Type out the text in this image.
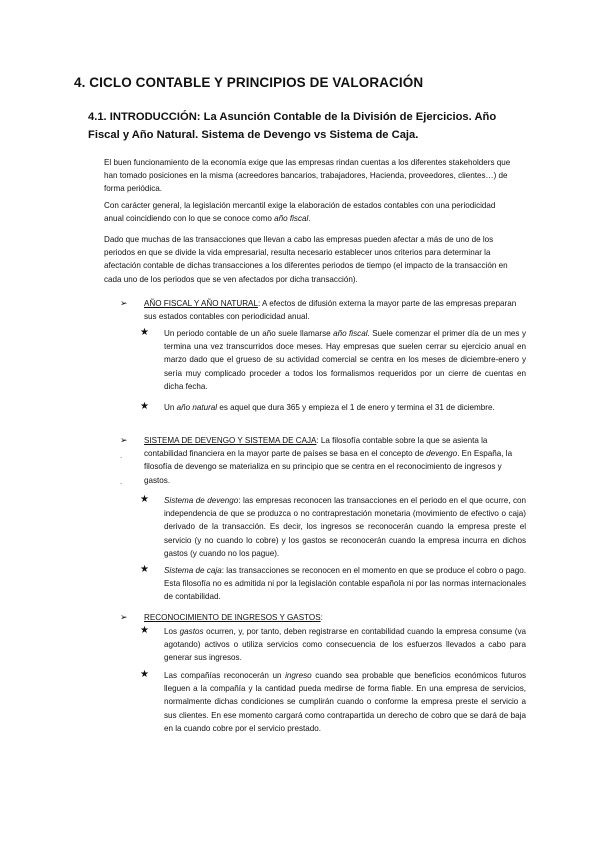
4. CICLO CONTABLE Y PRINCIPIOS DE VALORACIÓN
4.1. INTRODUCCIÓN: La Asunción Contable de la División de Ejercicios. Año Fiscal y Año Natural. Sistema de Devengo vs Sistema de Caja.

El buen funcionamiento de la economía exige que las empresas rindan cuentas a los diferentes stakeholders que han tomado posiciones en la misma (acreedores bancarios, trabajadores, Hacienda, proveedores, clientes…) de forma periódica.

Con carácter general, la legislación mercantil exige la elaboración de estados contables con una periodicidad anual coincidiendo con lo que se conoce como año fiscal.

Dado que muchas de las transacciones que llevan a cabo las empresas pueden afectar a más de uno de los periodos en que se divide la vida empresarial, resulta necesario establecer unos criterios para determinar la afectación contable de dichas transacciones a los diferentes periodos de tiempo (el impacto de la transacción en cada uno de los periodos que se ven afectados por dicha transacción).

➢ AÑO FISCAL Y AÑO NATURAL: A efectos de difusión externa la mayor parte de las empresas preparan sus estados contables con periodicidad anual.
★ Un periodo contable de un año suele llamarse año fiscal. Suele comenzar el primer día de un mes y termina una vez transcurridos doce meses. Hay empresas que suelen cerrar su ejercicio anual en marzo dado que el grueso de su actividad comercial se centra en los meses de diciembre-enero y sería muy complicado proceder a todos los formalismos requeridos por un cierre de cuentas en dicha fecha.
★ Un año natural es aquel que dura 365 y empieza el 1 de enero y termina el 31 de diciembre.
➢ SISTEMA DE DEVENGO Y SISTEMA DE CAJA: La filosofía contable sobre la que se asienta la contabilidad financiera en la mayor parte de países se basa en el concepto de devengo. En España, la filosofía de devengo se materializa en su principio que se centra en el reconocimiento de ingresos y gastos.
.
.
★ Sistema de devengo: las empresas reconocen las transacciones en el periodo en el que ocurre, con independencia de que se produzca o no contraprestación monetaria (movimiento de efectivo o caja) derivado de la transacción. Es decir, los ingresos se reconocerán cuando la empresa preste el servicio (y no cuando lo cobre) y los gastos se reconocerán cuando la empresa incurra en dichos gastos (y cuando no los pague).
★ Sistema de caja: las transacciones se reconocen en el momento en que se produce el cobro o pago. Esta filosofía no es admitida ni por la legislación contable española ni por las normas internacionales de contabilidad.
➢ RECONOCIMIENTO DE INGRESOS Y GASTOS:
★ Los gastos ocurren, y, por tanto, deben registrarse en contabilidad cuando la empresa consume (va agotando) activos o utiliza servicios como consecuencia de los esfuerzos llevados a cabo para generar sus ingresos.
★ Las compañías reconocerán un ingreso cuando sea probable que beneficios económicos futuros lleguen a la compañía y la cantidad pueda medirse de forma fiable. En una empresa de servicios, normalmente dichas condiciones se cumplirán cuando o conforme la empresa preste el servicio a sus clientes. En ese momento cargará como contrapartida un derecho de cobro que se dará de baja en la cuando cobre por el servicio prestado.
